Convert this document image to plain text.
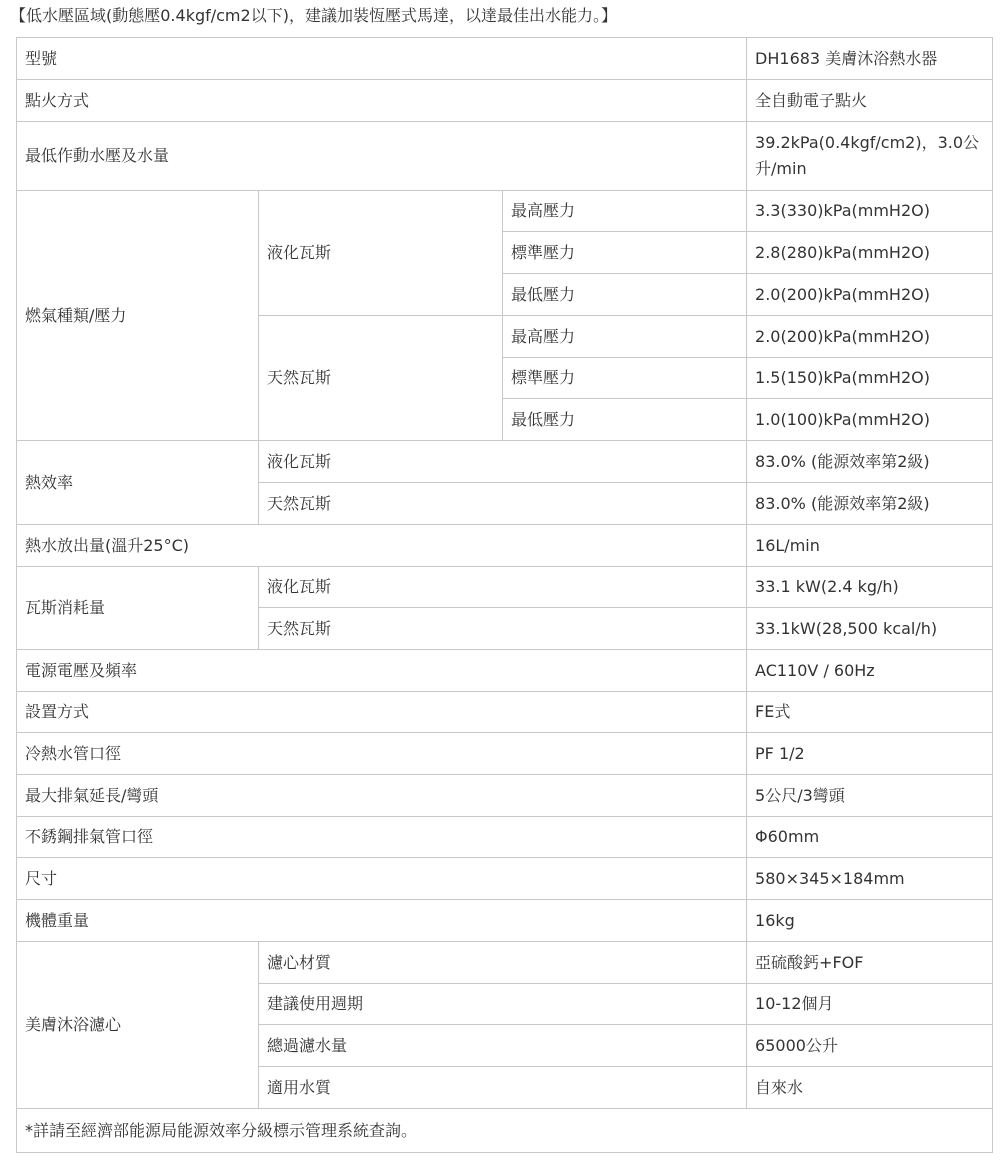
【低水壓區域(動態壓0.4kgf/cm2以下)，建議加裝恆壓式馬達，以達最佳出水能力。】
型號			DH1683 美膚沐浴熱水器
點火方式			全自動電子點火
最低作動水壓及水量			39.2kPa(0.4kgf/cm2)，3.0公升/min
燃氣種類/壓力	液化瓦斯	最高壓力	3.3(330)kPa(mmH2O)
		標準壓力	2.8(280)kPa(mmH2O)
		最低壓力	2.0(200)kPa(mmH2O)
	天然瓦斯	最高壓力	2.0(200)kPa(mmH2O)
		標準壓力	1.5(150)kPa(mmH2O)
		最低壓力	1.0(100)kPa(mmH2O)
熱效率	液化瓦斯		83.0% (能源效率第2級)
	天然瓦斯		83.0% (能源效率第2級)
熱水放出量(溫升25°C)			16L/min
瓦斯消耗量	液化瓦斯		33.1 kW(2.4 kg/h)
	天然瓦斯		33.1kW(28,500 kcal/h)
電源電壓及頻率			AC110V / 60Hz
設置方式			FE式
冷熱水管口徑			PF 1/2
最大排氣延長/彎頭			5公尺/3彎頭
不銹鋼排氣管口徑			Φ60mm
尺寸			580×345×184mm
機體重量			16kg
美膚沐浴濾心	濾心材質		亞硫酸鈣+FOF
	建議使用週期		10-12個月
	總過濾水量		65000公升
	適用水質		自來水
*詳請至經濟部能源局能源效率分級標示管理系統查詢。			
